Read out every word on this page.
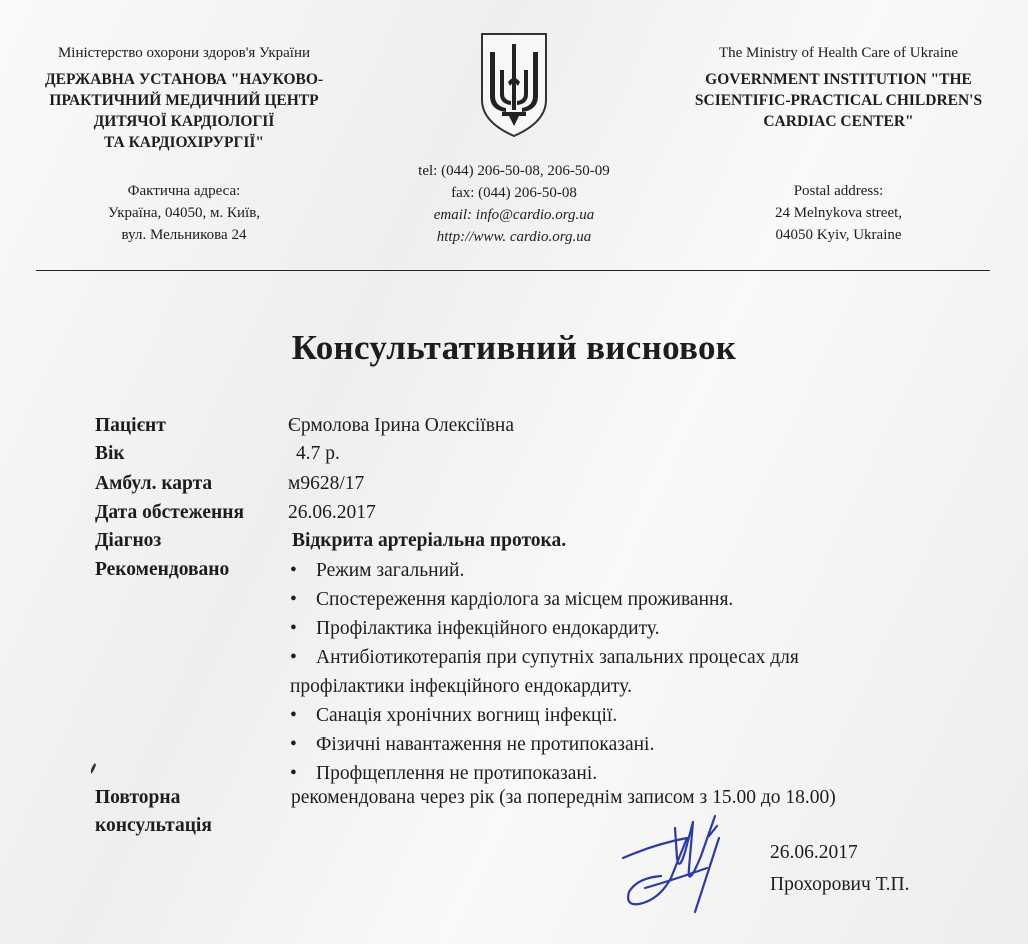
Міністерство охорони здоров'я України
ДЕРЖАВНА УСТАНОВА "НАУКОВО-
ПРАКТИЧНИЙ МЕДИЧНИЙ ЦЕНТР
ДИТЯЧОЇ КАРДІОЛОГІЇ
ТА КАРДІОХІРУРГІЇ"
Фактична адреса:
Україна, 04050, м. Київ,
вул. Мельникова 24
tel: (044) 206-50-08, 206-50-09
fax: (044) 206-50-08
email: info@cardio.org.ua
http://www. cardio.org.ua
The Ministry of Health Care of Ukraine
GOVERNMENT INSTITUTION "THE
SCIENTIFIC-PRACTICAL CHILDREN'S
CARDIAC CENTER"
Postal address:
24 Melnykova street,
04050 Kyiv, Ukraine
Консультативний висновок
Пацієнт	Єрмолова Ірина Олексіївна
Вік	4.7 р.
Амбул. карта	м9628/17
Дата обстеження 26.06.2017
Діагноз	Відкрита артеріальна протока.
Рекомендовано	• Режим загальний.
• Спостереження кардіолога за місцем проживання.
• Профілактика інфекційного ендокардиту.
• Антибіотикотерапія при супутніх запальних процесах для
профілактики інфекційного ендокардиту.
• Санація хронічних вогнищ інфекції.
• Фізичні навантаження не протипоказані.
• Профщеплення не протипоказані.
Повторна
консультація
рекомендована через рік (за попереднім записом з 15.00 до 18.00)
26.06.2017
Прохорович Т.П.
